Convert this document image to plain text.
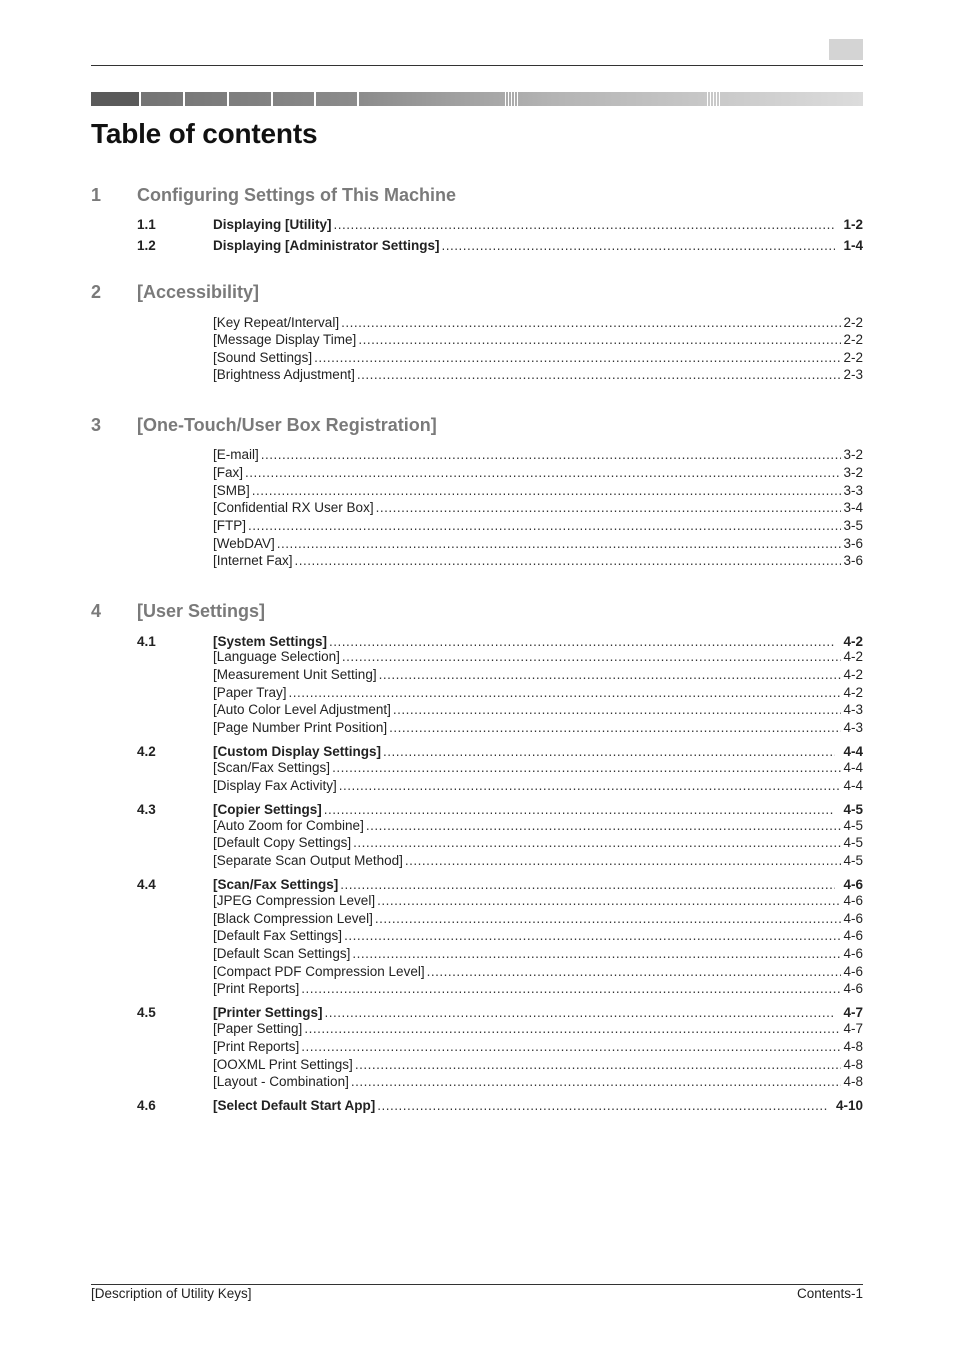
Table of contents
1 Configuring Settings of This Machine
1.1	Displaying [Utility] .....	1-2
1.2	Displaying [Administrator Settings] .....	1-4
2 [Accessibility]
[Key Repeat/Interval] .....	2-2
[Message Display Time] .....	2-2
[Sound Settings] .....	2-2
[Brightness Adjustment] .....	2-3
3 [One-Touch/User Box Registration]
[E-mail] .....	3-2
[Fax] .....	3-2
[SMB] .....	3-3
[Confidential RX User Box] .....	3-4
[FTP] .....	3-5
[WebDAV] .....	3-6
[Internet Fax] .....	3-6
4 [User Settings]
4.1	[System Settings] .....	4-2
[Language Selection] .....	4-2
[Measurement Unit Setting] .....	4-2
[Paper Tray] .....	4-2
[Auto Color Level Adjustment] .....	4-3
[Page Number Print Position] .....	4-3
4.2	[Custom Display Settings] .....	4-4
[Scan/Fax Settings] .....	4-4
[Display Fax Activity] .....	4-4
4.3	[Copier Settings] .....	4-5
[Auto Zoom for Combine] .....	4-5
[Default Copy Settings] .....	4-5
[Separate Scan Output Method] .....	4-5
4.4	[Scan/Fax Settings] .....	4-6
[JPEG Compression Level] .....	4-6
[Black Compression Level] .....	4-6
[Default Fax Settings] .....	4-6
[Default Scan Settings] .....	4-6
[Compact PDF Compression Level] .....	4-6
[Print Reports] .....	4-6
4.5	[Printer Settings] .....	4-7
[Paper Setting] .....	4-7
[Print Reports] .....	4-8
[OOXML Print Settings] .....	4-8
[Layout - Combination] .....	4-8
4.6	[Select Default Start App] .....	4-10
[Description of Utility Keys]	Contents-1
